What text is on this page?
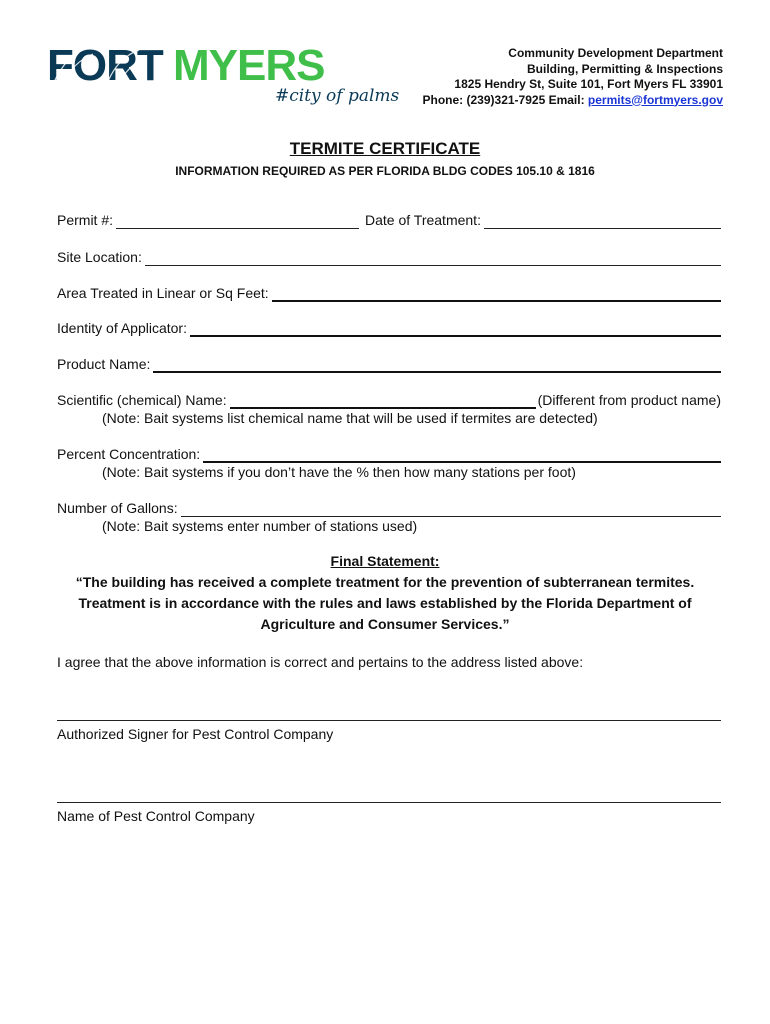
FORT MYERS
#city of palms
Community Development Department
Building, Permitting & Inspections
1825 Hendry St, Suite 101, Fort Myers FL 33901
Phone: (239)321-7925 Email: permits@fortmyers.gov
TERMITE CERTIFICATE
INFORMATION REQUIRED AS PER FLORIDA BLDG CODES 105.10 & 1816
Permit #:	Date of Treatment:
Site Location:
Area Treated in Linear or Sq Feet:
Identity of Applicator:
Product Name:
Scientific (chemical) Name:	(Different from product name)
(Note: Bait systems list chemical name that will be used if termites are detected)
Percent Concentration:
(Note: Bait systems if you don’t have the % then how many stations per foot)
Number of Gallons:
(Note: Bait systems enter number of stations used)
Final Statement:
“The building has received a complete treatment for the prevention of subterranean termites. Treatment is in accordance with the rules and laws established by the Florida Department of Agriculture and Consumer Services.”
I agree that the above information is correct and pertains to the address listed above:
Authorized Signer for Pest Control Company
Name of Pest Control Company
